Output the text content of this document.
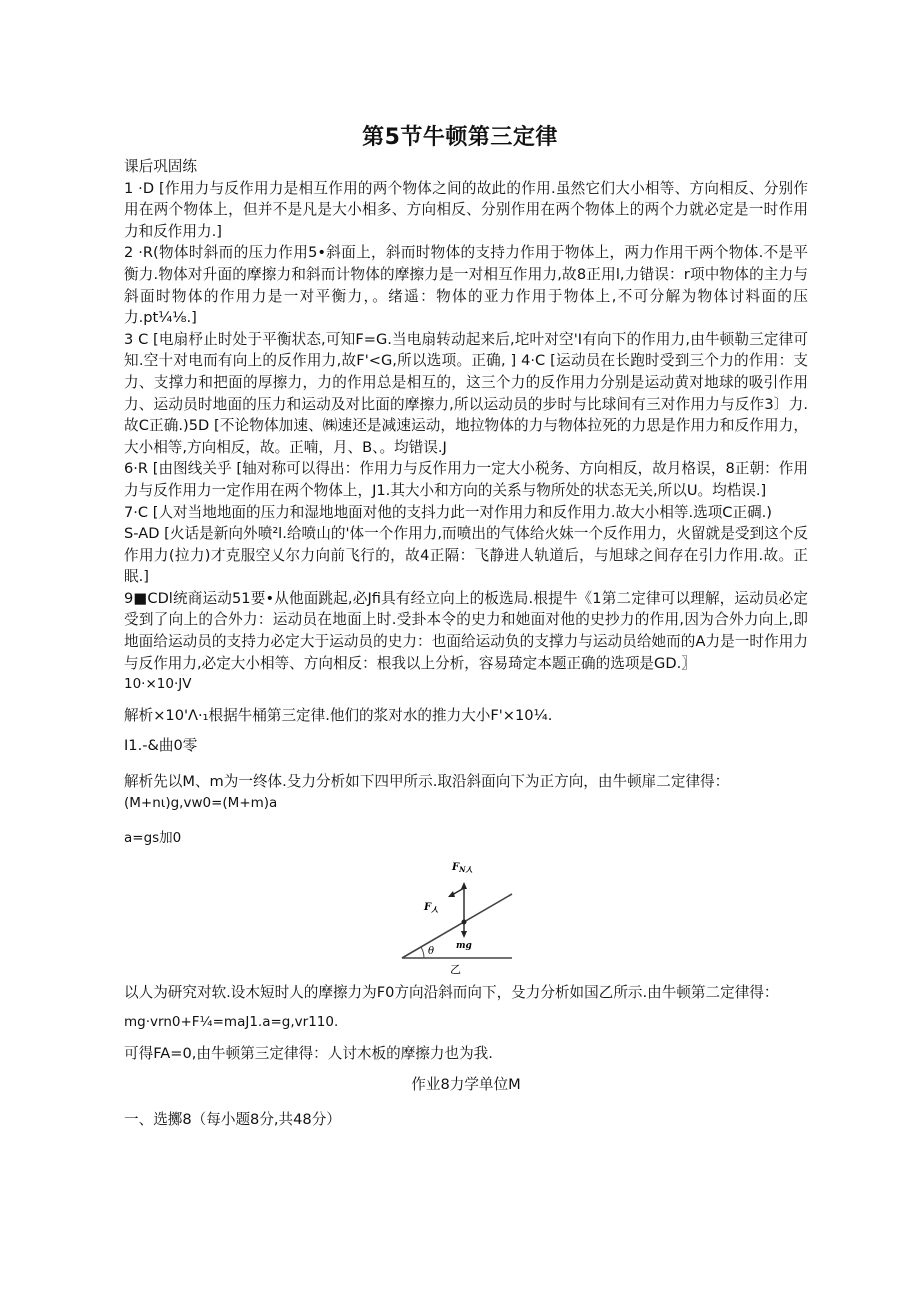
第5节牛顿第三定律

课后巩固练

1 ·D [作用力与反作用力是相互作用的两个物体之间的故此的作用.虽然它们大小相等、方向相反、分别作用在两个物体上，但并不是凡是大小相多、方向相反、分别作用在两个物体上的两个力就必定是一时作用力和反作用力.]

2 ·R(物体时斜而的压力作用5•斜面上，斜而时物体的支持力作用于物体上，两力作用干两个物体.不是平衡力.物体对升面的摩擦力和斜而计物体的摩擦力是一对相互作用力,故8正用l,力错误：r项中物体的主力与斜面时物体的作用力是一对平衡力，。绪遥：物体的亚力作用于物体上,不可分解为物体讨料面的压力.pt¼⅛.]

3 C [电扇杼止时处于平衡状态,可知F=G.当电扇转动起来后,坨叶对空'I有向下的作用力,由牛顿勒三定律可知.空十对电而有向上的反作用力,故F'<G,所以选项。正确, ] 4·C [运动员在长跑时受到三个力的作用：支力、支撑力和把面的厚擦力，力的作用总是相互的，这三个力的反作用力分别是运动黄对地球的吸引作用力、运动员时地面的压力和运动及对比面的摩擦力,所以运动员的步时与比球间有三对作用力与反作3〕力.故C正确.)5D [不论物体加速、㈱速还是减速运动，地拉物体的力与物体拉死的力思是作用力和反作用力，大小相等,方向相反，故。正喃，月、B、。均错误.J

6·R [由图线关乎 [轴对称可以得出：作用力与反作用力一定大小税务、方向相反，故月格误，8正朝：作用力与反作用力一定作用在两个物体上，J1.其大小和方向的关系与物所处的状态无关,所以U。均梏误.]

7·C [人对当地地面的压力和湿地地面对他的支抖力此一对作用力和反作用力.故大小相等.选项C正碉.)

S-AD [火话是新向外喷²l.给喷山的'体一个作用力,而喷出的气体给火妹一个反作用力，火留就是受到这个反作用力(拉力)才克服空乂尔力向前飞行的，故4正隔：飞静进人轨道后，与旭球之间存在引力作用.故。正眠.]

9■CDl统商运动51要•从他面跳起,必Jfi具有经立向上的板选局.根提牛《1第二定律可以理解，运动员必定受到了向上的合外力：运动员在地面上时.受卦本令的史力和她面对他的史抄力的作用,因为合外力向上,即地面给运动员的支持力必定大于运动员的史力：也面给运动负的支撑力与运动员给她而的A力是一时作用力与反作用力,必定大小相等、方向相反：根我以上分析，容易琦定本题正确的选项是GD.〗

10·×10·JV

解析×10'Λ·₁根据牛桶第三定律.他们的浆对水的推力大小F'×10¼.

I1.-&曲0零

解析先以M、m为一终体.殳力分析如下四甲所示.取沿斜面向下为正方向，由牛顿扉二定律得：

(M+nι)g,vw0=(M+m)a

a=gs加0

θ
$F_{N人}$
$F_人$
mg
乙

以人为研究对软.设木短时人的摩擦力为F0方向沿斜而向下，殳力分析如国乙所示.由牛顿第二定律得：

mg·vrn0+F¼=maJ1.a=g,vr110.

可得FA=0,由牛顿第三定律得：人讨木板的摩擦力也为我.

作业8力学单位M

一、选擲8（每小题8分,共48分）
